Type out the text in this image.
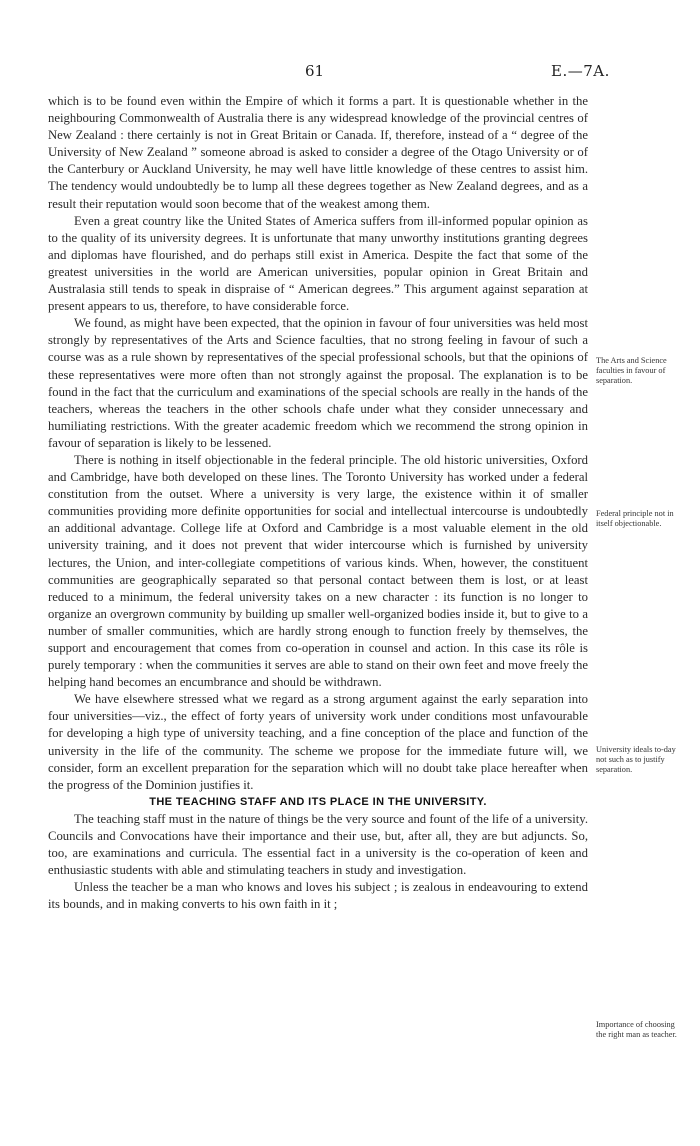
61	E.—7A.

which is to be found even within the Empire of which it forms a part. It is questionable whether in the neighbouring Commonwealth of Australia there is any widespread knowledge of the provincial centres of New Zealand : there certainly is not in Great Britain or Canada. If, therefore, instead of a “ degree of the University of New Zealand ” someone abroad is asked to consider a degree of the Otago University or of the Canterbury or Auckland University, he may well have little knowledge of these centres to assist him. The tendency would undoubtedly be to lump all these degrees together as New Zealand degrees, and as a result their reputation would soon become that of the weakest among them.

Even a great country like the United States of America suffers from ill-informed popular opinion as to the quality of its university degrees. It is unfortunate that many unworthy institutions granting degrees and diplomas have flourished, and do perhaps still exist in America. Despite the fact that some of the greatest universities in the world are American universities, popular opinion in Great Britain and Australasia still tends to speak in dispraise of “ American degrees.” This argument against separation at present appears to us, therefore, to have considerable force.

We found, as might have been expected, that the opinion in favour of four universities was held most strongly by representatives of the Arts and Science faculties, that no strong feeling in favour of such a course was as a rule shown by representatives of the special professional schools, but that the opinions of these representatives were more often than not strongly against the proposal. The explanation is to be found in the fact that the curriculum and examinations of the special schools are really in the hands of the teachers, whereas the teachers in the other schools chafe under what they consider unnecessary and humiliating restrictions. With the greater academic freedom which we recommend the strong opinion in favour of separation is likely to be lessened.

There is nothing in itself objectionable in the federal principle. The old historic universities, Oxford and Cambridge, have both developed on these lines. The Toronto University has worked under a federal constitution from the outset. Where a university is very large, the existence within it of smaller communities providing more definite opportunities for social and intellectual intercourse is undoubtedly an additional advantage. College life at Oxford and Cambridge is a most valuable element in the old university training, and it does not prevent that wider intercourse which is furnished by university lectures, the Union, and inter-collegiate competitions of various kinds. When, however, the constituent communities are geographically separated so that personal contact between them is lost, or at least reduced to a minimum, the federal university takes on a new character : its function is no longer to organize an overgrown community by building up smaller well-organized bodies inside it, but to give to a number of smaller communities, which are hardly strong enough to function freely by themselves, the support and encouragement that comes from co-operation in counsel and action. In this case its rôle is purely temporary : when the communities it serves are able to stand on their own feet and move freely the helping hand becomes an encumbrance and should be withdrawn.

We have elsewhere stressed what we regard as a strong argument against the early separation into four universities—viz., the effect of forty years of university work under conditions most unfavourable for developing a high type of university teaching, and a fine conception of the place and function of the university in the life of the community. The scheme we propose for the immediate future will, we consider, form an excellent preparation for the separation which will no doubt take place hereafter when the progress of the Dominion justifies it.

THE TEACHING STAFF AND ITS PLACE IN THE UNIVERSITY.

The teaching staff must in the nature of things be the very source and fount of the life of a university. Councils and Convocations have their importance and their use, but, after all, they are but adjuncts. So, too, are examinations and curricula. The essential fact in a university is the co-operation of keen and enthusiastic students with able and stimulating teachers in study and investigation.

Unless the teacher be a man who knows and loves his subject ; is zealous in endeavouring to extend its bounds, and in making converts to his own faith in it ;

The Arts and Science faculties in favour of separation.
Federal principle not in itself objectionable.
University ideals to-day not such as to justify separation.
Importance of choosing the right man as teacher.
